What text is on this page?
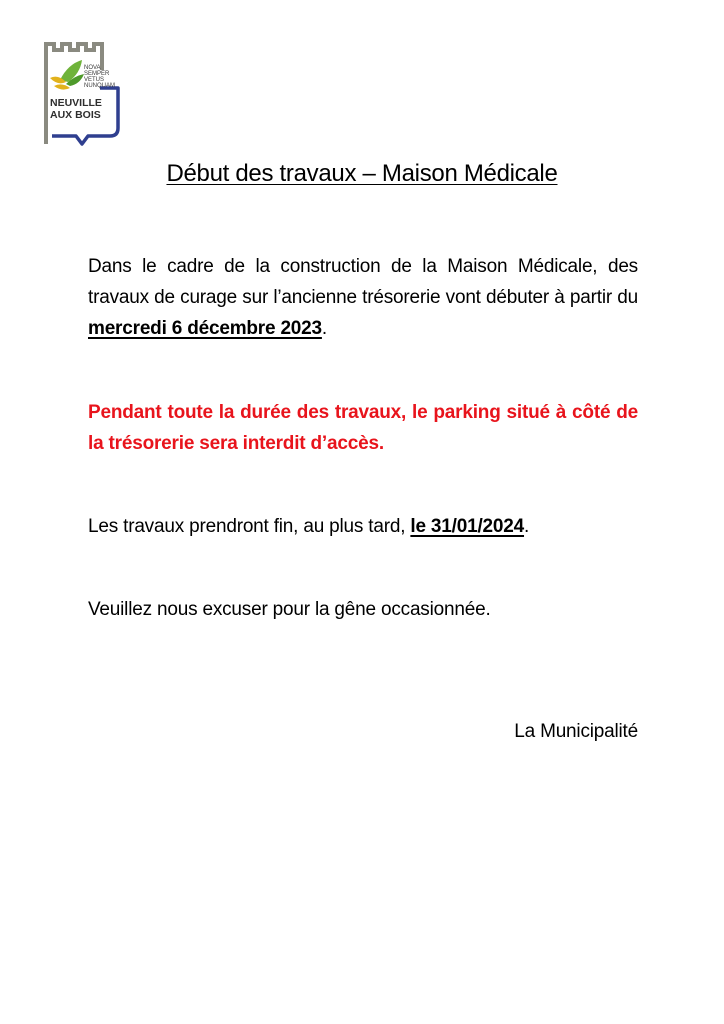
NOVA
SEMPER
VETUS
NUNQUAM
NEUVILLE
AUX BOIS
Début des travaux – Maison Médicale

Dans le cadre de la construction de la Maison Médicale, des travaux de curage sur l’ancienne trésorerie vont débuter à partir du mercredi 6 décembre 2023.

Pendant toute la durée des travaux, le parking situé à côté de la trésorerie sera interdit d’accès.

Les travaux prendront fin, au plus tard, le 31/01/2024.

Veuillez nous excuser pour la gêne occasionnée.

La Municipalité
